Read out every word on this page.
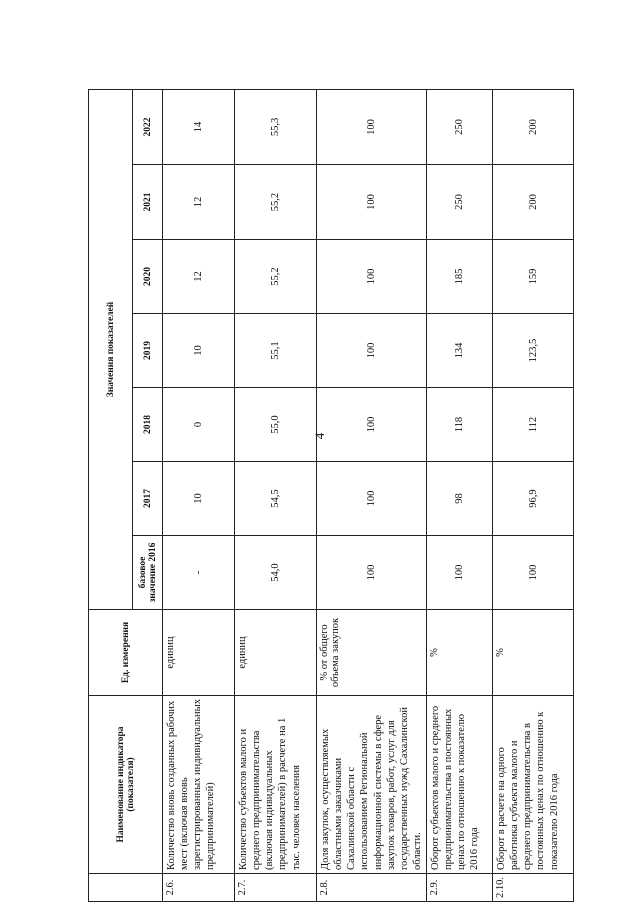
4
	Наименование индикатора (показателя)	Ед. измерения	Значения показателей						
			базовое значение 2016	2017	2018	2019	2020	2021	2022
2.6.	Количество вновь созданных рабочих мест (включая вновь зарегистрированных индивидуальных предпринимателей)	единиц	-	10	0	10	12	12	14
2.7.	Количество субъектов малого и среднего предпринимательства (включая индивидуальных предпринимателей) в расчете на 1 тыс. человек населения	единиц	54,0	54,5	55,0	55,1	55,2	55,2	55,3
2.8.	Доля закупок, осуществляемых областными заказчиками Сахалинской области с использованием Региональной информационной системы в сфере закупок товаров, работ, услуг для государственных нужд Сахалинской области.	% от общего объема закупок	100	100	100	100	100	100	100
2.9.	Оборот субъектов малого и среднего предпринимательства в постоянных ценах по отношению к показателю 2016 года	%	100	98	118	134	185	250	250
2.10.	Оборот в расчете на одного работника субъекта малого и среднего предпринимательства в постоянных ценах по отношению к показателю 2016 года	%	100	96,9	112	123,5	159	200	200
